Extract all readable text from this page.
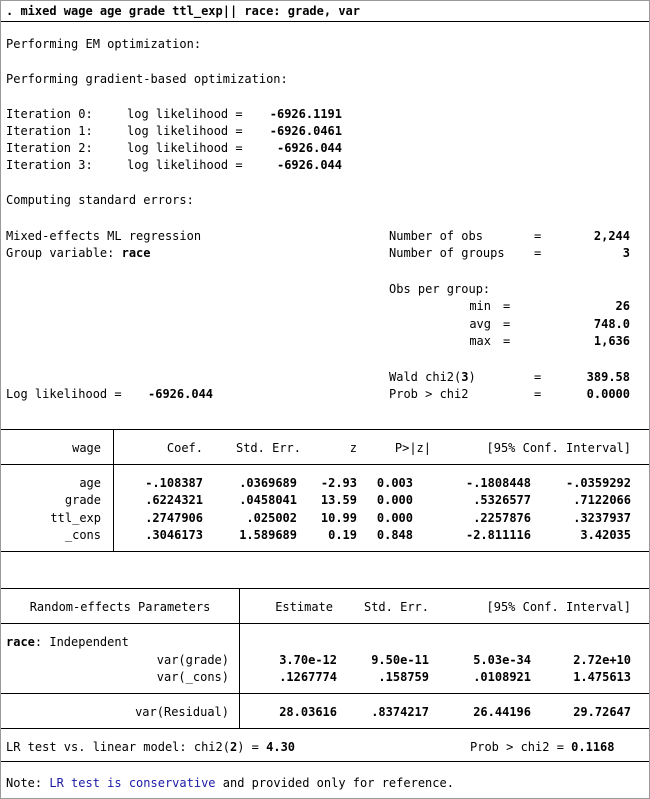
. mixed wage age grade ttl_exp|| race: grade, var
Performing EM optimization:
Performing gradient-based optimization:
Iteration 0:	log likelihood =	-6926.1191
Iteration 1:	log likelihood =	-6926.0461
Iteration 2:	log likelihood =	-6926.044
Iteration 3:	log likelihood =	-6926.044
Computing standard errors:
Mixed-effects ML regression
Group variable: race
Number of obs	=	2,244
Number of groups =	3
Obs per group:
min =	26
avg =	748.0
max =	1,636
Wald chi2(3)	=	389.58
Log likelihood = -6926.044	Prob > chi2	=	0.0000
wage	Coef.	Std. Err.	z	P>|z|	[95% Conf. Interval]
age	-.108387	.0369689	-2.93	0.003	-.1808448	-.0359292
grade	.6224321	.0458041	13.59	0.000	.5326577	.7122066
ttl_exp	.2747906	.025002	10.99	0.000	.2257876	.3237937
_cons	.3046173	1.589689	0.19	0.848	-2.811116	3.42035
Random-effects Parameters	Estimate	Std. Err.	[95% Conf. Interval]
race: Independent
var(grade)	3.70e-12	9.50e-11	5.03e-34	2.72e+10
var(_cons)	.1267774	.158759	.0108921	1.475613
var(Residual)	28.03616	.8374217	26.44196	29.72647
LR test vs. linear model: chi2(2) = 4.30	Prob > chi2 = 0.1168
Note: LR test is conservative and provided only for reference.
